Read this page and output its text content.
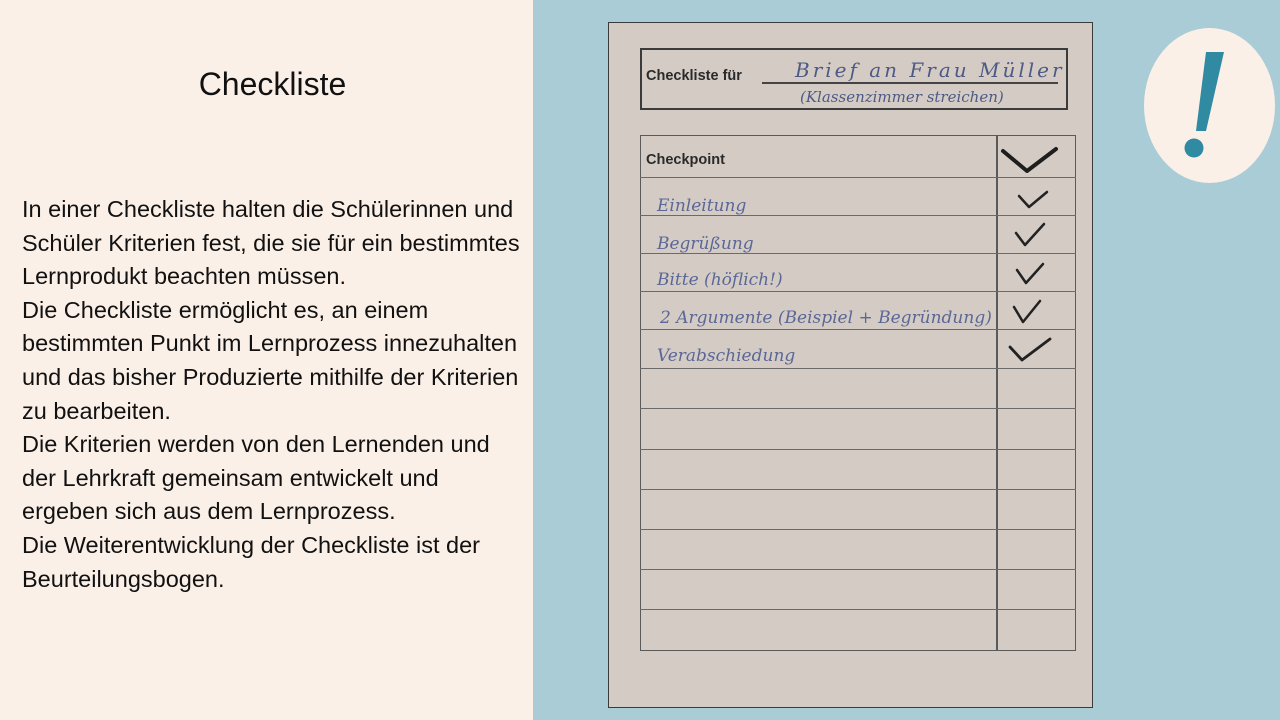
Checkliste

In einer Checkliste halten die Schülerinnen und Schüler Kriterien fest, die sie für ein bestimmtes Lernprodukt beachten müssen.

Die Checkliste ermöglicht es, an einem bestimmten Punkt im Lernprozess innezuhalten und das bisher Produzierte mithilfe der Kriterien zu bearbeiten.

Die Kriterien werden von den Lernenden und der Lehrkraft gemeinsam entwickelt und ergeben sich aus dem Lernprozess.

Die Weiterentwicklung der Checkliste ist der Beurteilungsbogen.

Checkliste für	Brief an Frau Müller
(Klassenzimmer streichen)
Checkpoint
Einleitung
Begrüßung
Bitte (höflich!)
2 Argumente (Beispiel + Begründung)
Verabschiedung
